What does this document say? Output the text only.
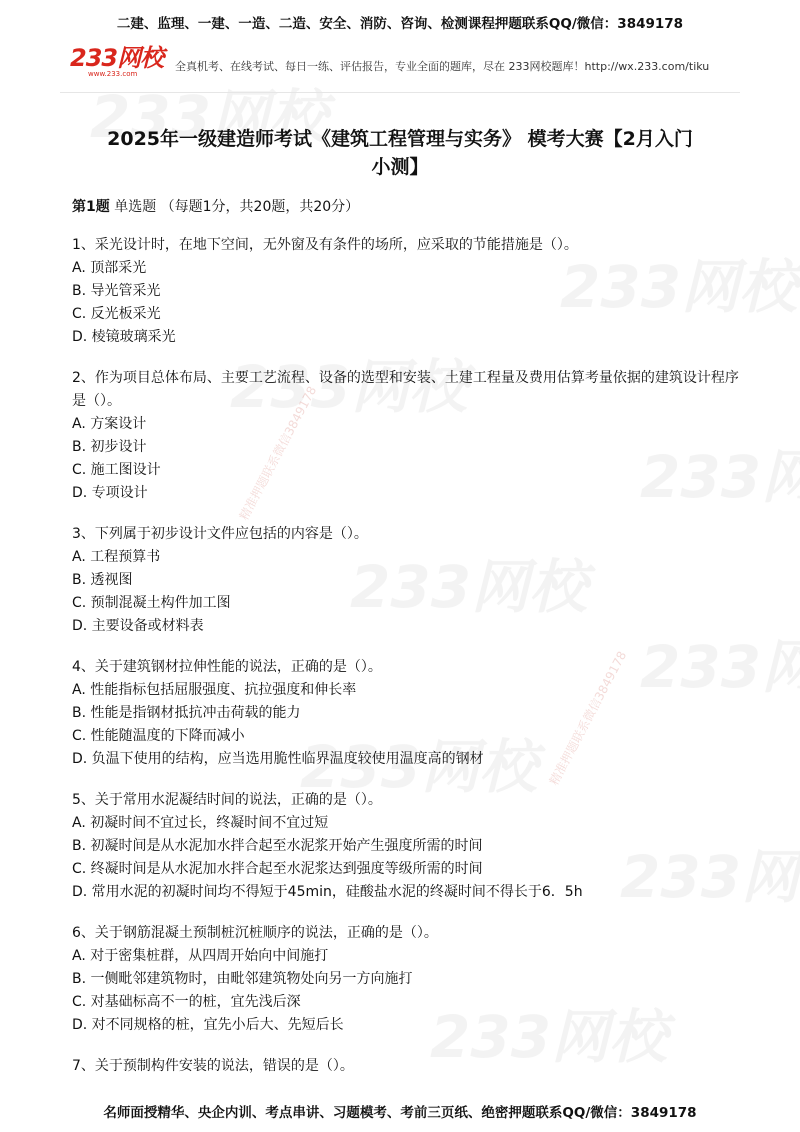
精准押题联系微信3849178
精准押题联系微信3849178
二建、监理、一建、一造、二造、安全、消防、咨询、检测课程押题联系QQ/微信：3849178
233网校
www.233.com
全真机考、在线考试、每日一练、评估报告，专业全面的题库，尽在 233网校题库！http://wx.233.com/tiku
2025年一级建造师考试《建筑工程管理与实务》 模考大赛【2月入门
小测】
第1题 单选题 （每题1分，共20题，共20分）
1、采光设计时，在地下空间，无外窗及有条件的场所，应采取的节能措施是（）。
A. 顶部采光
B. 导光管采光
C. 反光板采光
D. 棱镜玻璃采光
2、作为项目总体布局、主要工艺流程、设备的选型和安装、土建工程量及费用估算考量依据的建筑设计程序是（）。
A. 方案设计
B. 初步设计
C. 施工图设计
D. 专项设计
3、下列属于初步设计文件应包括的内容是（）。
A. 工程预算书
B. 透视图
C. 预制混凝土构件加工图
D. 主要设备或材料表
4、关于建筑钢材拉伸性能的说法，正确的是（）。
A. 性能指标包括屈服强度、抗拉强度和伸长率
B. 性能是指钢材抵抗冲击荷载的能力
C. 性能随温度的下降而减小
D. 负温下使用的结构，应当选用脆性临界温度较使用温度高的钢材
5、关于常用水泥凝结时间的说法，正确的是（）。
A. 初凝时间不宜过长，终凝时间不宜过短
B. 初凝时间是从水泥加水拌合起至水泥浆开始产生强度所需的时间
C. 终凝时间是从水泥加水拌合起至水泥浆达到强度等级所需的时间
D. 常用水泥的初凝时间均不得短于45min，硅酸盐水泥的终凝时间不得长于6．5h
6、关于钢筋混凝土预制桩沉桩顺序的说法，正确的是（）。
A. 对于密集桩群，从四周开始向中间施打
B. 一侧毗邻建筑物时，由毗邻建筑物处向另一方向施打
C. 对基础标高不一的桩，宜先浅后深
D. 对不同规格的桩，宜先小后大、先短后长
7、关于预制构件安装的说法，错误的是（）。
名师面授精华、央企内训、考点串讲、习题模考、考前三页纸、绝密押题联系QQ/微信：3849178
